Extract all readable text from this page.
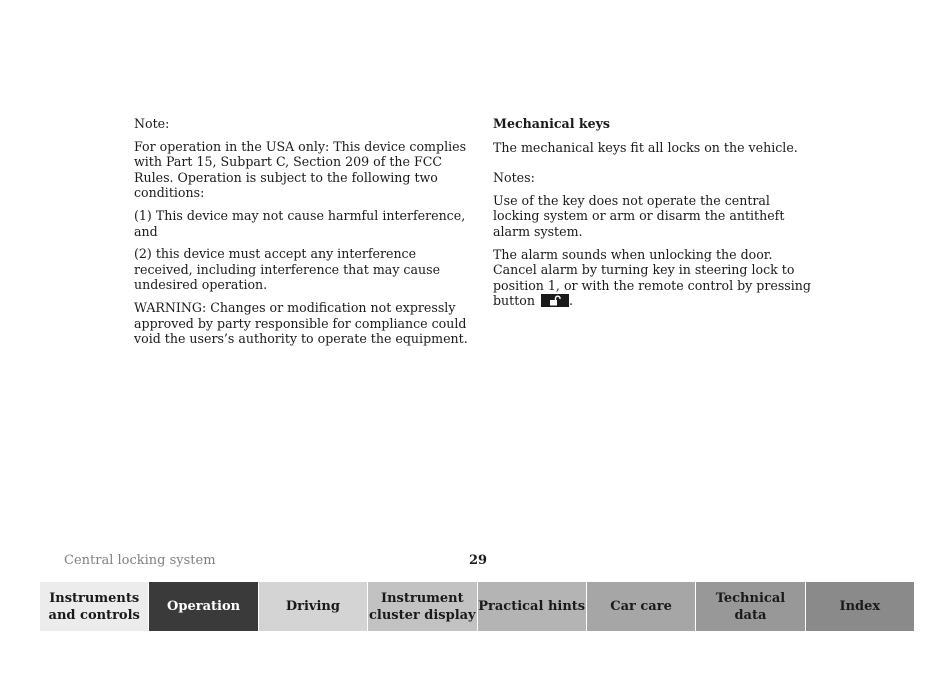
Note:

For operation in the USA only: This device complies with Part 15, Subpart C, Section 209 of the FCC Rules. Operation is subject to the following two conditions:

(1) This device may not cause harmful interference, and

(2) this device must accept any interference received, including interference that may cause undesired operation.

WARNING: Changes or modification not expressly approved by party responsible for compliance could void the users’s authority to operate the equipment.

Mechanical keys

The mechanical keys fit all locks on the vehicle.

Notes:

Use of the key does not operate the central locking system or arm or disarm the antitheft alarm system.

The alarm sounds when unlocking the door. Cancel alarm by turning key in steering lock to position 1, or with the remote control by pressing button	.

Central locking system	29
Instruments
and controls
Operation	Driving
Instrument
cluster display
Practical hints Car care
Technical
data
Index
